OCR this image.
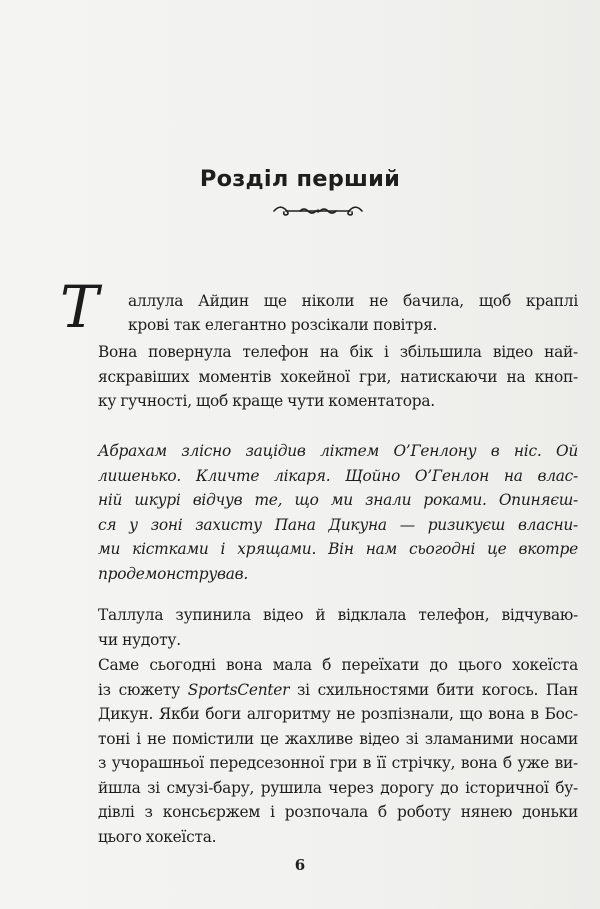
Розділ перший
Т аллула Айдин ще ніколи не бачила, щоб краплі
крові так елегантно розсікали повітря.
Вона повернула телефон на бік і збільшила відео най-
яскравіших моментів хокейної гри, натискаючи на кноп-
ку гучності, щоб краще чути коментатора.
Абрахам злісно зацідив ліктем О’Генлону в ніс. Ой
лишенько. Кличте лікаря. Щойно О’Генлон на влас-
ній шкурі відчув те, що ми знали роками. Опиняєш-
ся у зоні захисту Пана Дикуна — ризикуєш власни-
ми кістками і хрящами. Він нам сьогодні це вкотре
продемонстрував.
Таллула зупинила відео й відклала телефон, відчуваю-
чи нудоту.
Саме сьогодні вона мала б переїхати до цього хокеїста
із сюжету SportsCenter зі схильностями бити когось. Пан
Дикун. Якби боги алгоритму не розпізнали, що вона в Бос-
тоні і не помістили це жахливе відео зі зламаними носами
з учорашньої передсезонної гри в її стрічку, вона б уже ви-
йшла зі смузі-бару, рушила через дорогу до історичної бу-
дівлі з консьєржем і розпочала б роботу нянею доньки
цього хокеїста.
6
